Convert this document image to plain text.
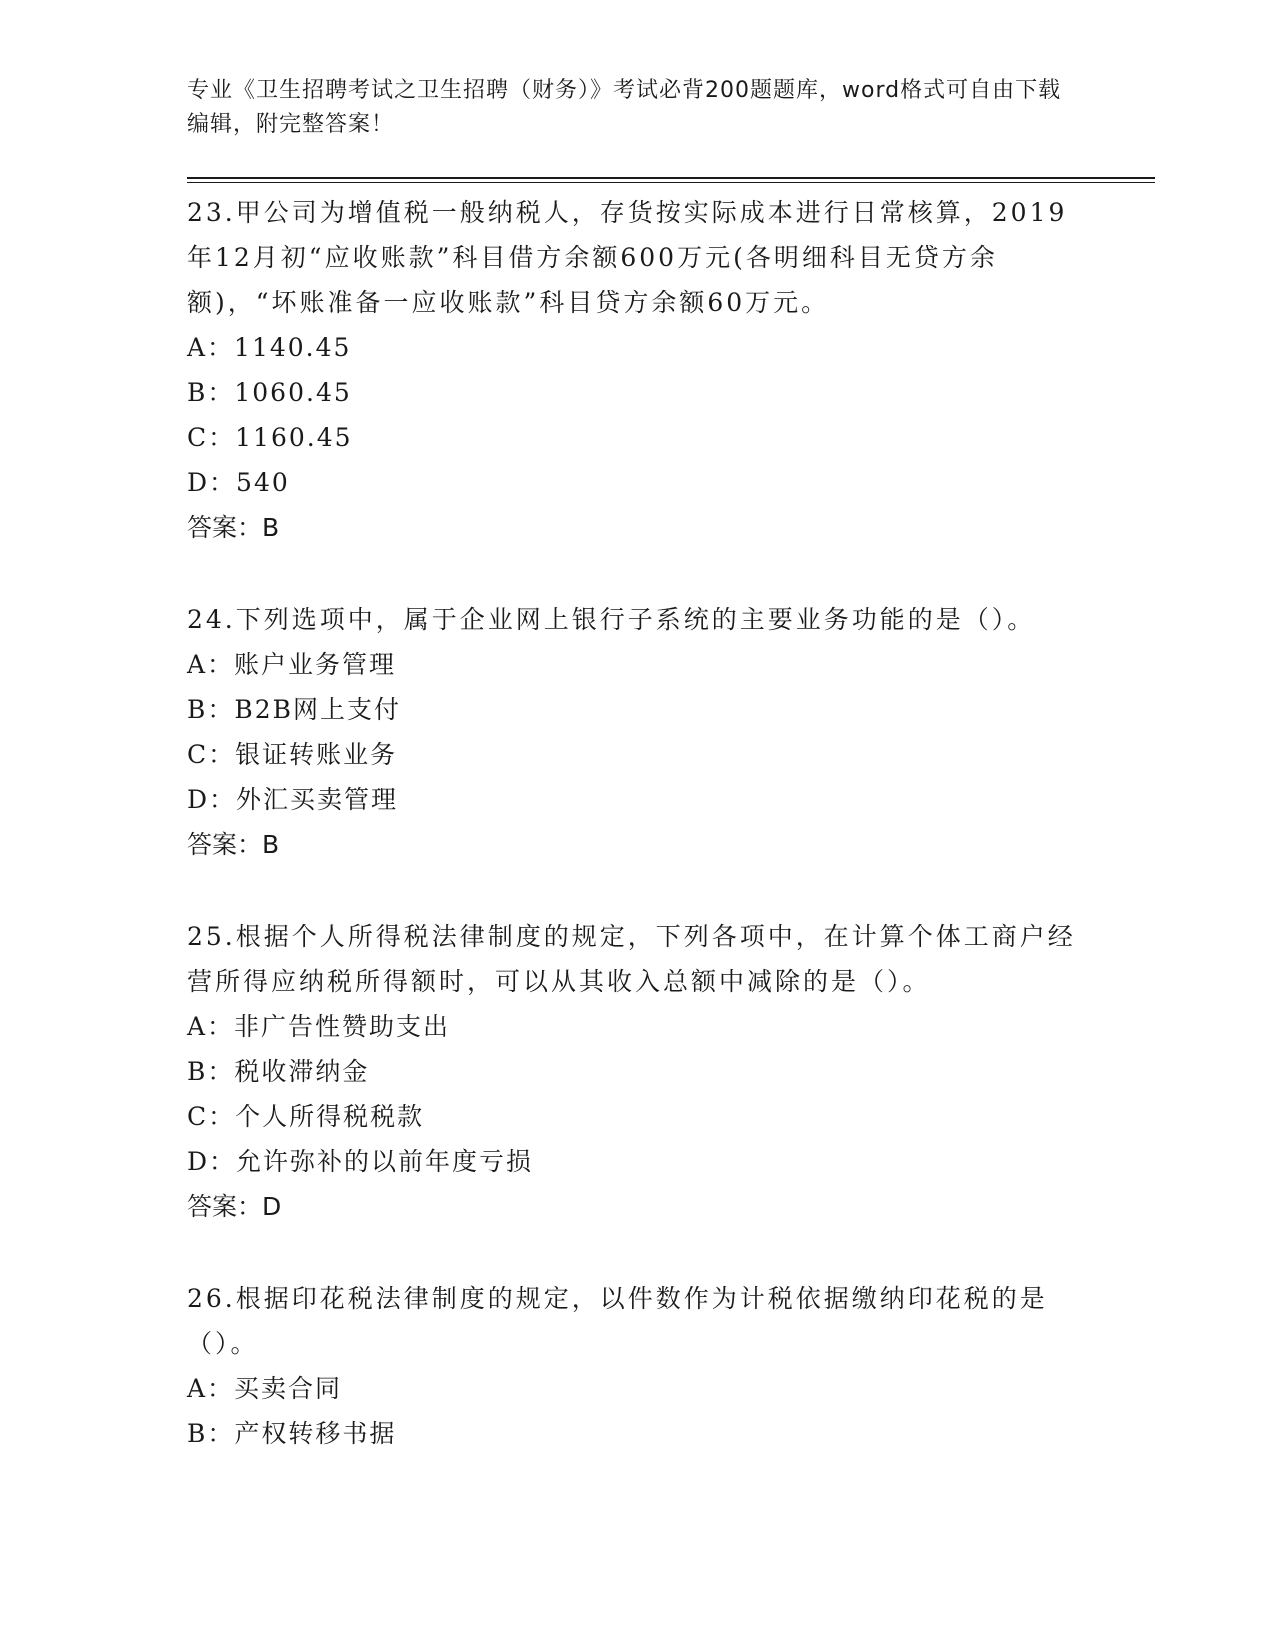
专业《卫生招聘考试之卫生招聘（财务）》考试必背200题题库，word格式可自由下载编辑，附完整答案！

23.甲公司为增值税一般纳税人，存货按实际成本进行日常核算，2019年12月初“应收账款”科目借方余额600万元(各明细科目无贷方余额)，“坏账准备一应收账款”科目贷方余额60万元。

A：1140.45

B：1060.45

C：1160.45

D：540

答案：B

24.下列选项中，属于企业网上银行子系统的主要业务功能的是（）。

A：账户业务管理

B：B2B网上支付

C：银证转账业务

D：外汇买卖管理

答案：B

25.根据个人所得税法律制度的规定，下列各项中，在计算个体工商户经营所得应纳税所得额时，可以从其收入总额中减除的是（）。

A：非广告性赞助支出

B：税收滞纳金

C：个人所得税税款

D：允许弥补的以前年度亏损

答案：D

26.根据印花税法律制度的规定，以件数作为计税依据缴纳印花税的是（）。

A：买卖合同

B：产权转移书据
